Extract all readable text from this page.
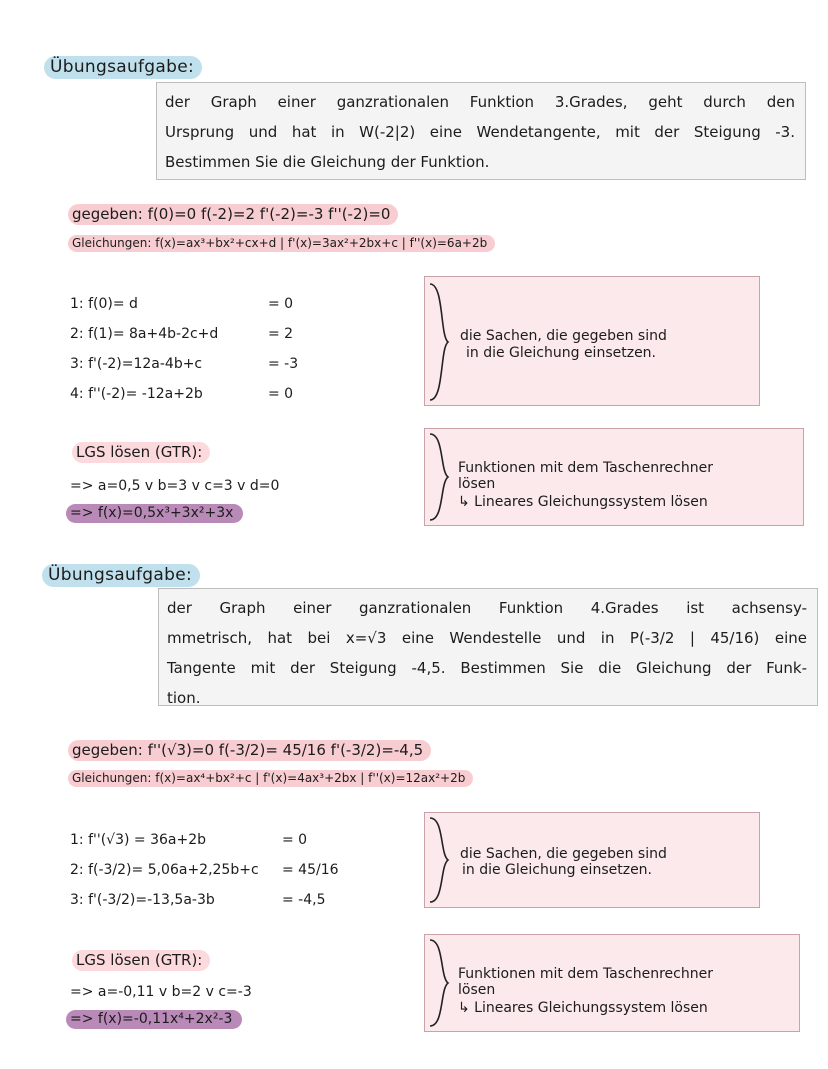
Übungsaufgabe:
der Graph einer ganzrationalen Funktion 3.Grades, geht durch den
Ursprung und hat in W(-2|2) eine Wendetangente, mit der Steigung -3.
Bestimmen Sie die Gleichung der Funktion.
gegeben: f(0)=0 f(-2)=2 f'(-2)=-3 f''(-2)=0
Gleichungen: f(x)=ax³+bx²+cx+d | f'(x)=3ax²+2bx+c | f''(x)=6a+2b
1: f(0)= d	= 0
2: f(1)= 8a+4b-2c+d	= 2
3: f'(-2)=12a-4b+c	= -3
4: f''(-2)= -12a+2b	= 0
die Sachen, die gegeben sind
in die Gleichung einsetzen.
LGS lösen (GTR):
=> a=0,5 v b=3 v c=3 v d=0
=> f(x)=0,5x³+3x²+3x
Funktionen mit dem Taschenrechner
lösen
↳ Lineares Gleichungssystem lösen
Übungsaufgabe:
der Graph einer ganzrationalen Funktion 4.Grades ist achsensy-
mmetrisch, hat bei x=√3 eine Wendestelle und in P(-3/2 | 45/16) eine
Tangente mit der Steigung -4,5. Bestimmen Sie die Gleichung der Funk-
tion.
gegeben: f''(√3)=0 f(-3/2)= 45/16 f'(-3/2)=-4,5
Gleichungen: f(x)=ax⁴+bx²+c | f'(x)=4ax³+2bx | f''(x)=12ax²+2b
1: f''(√3) = 36a+2b	= 0
2: f(-3/2)= 5,06a+2,25b+c = 45/16
3: f'(-3/2)=-13,5a-3b	= -4,5
die Sachen, die gegeben sind
in die Gleichung einsetzen.
LGS lösen (GTR):
=> a=-0,11 v b=2 v c=-3
=> f(x)=-0,11x⁴+2x²-3
Funktionen mit dem Taschenrechner
lösen
↳ Lineares Gleichungssystem lösen
